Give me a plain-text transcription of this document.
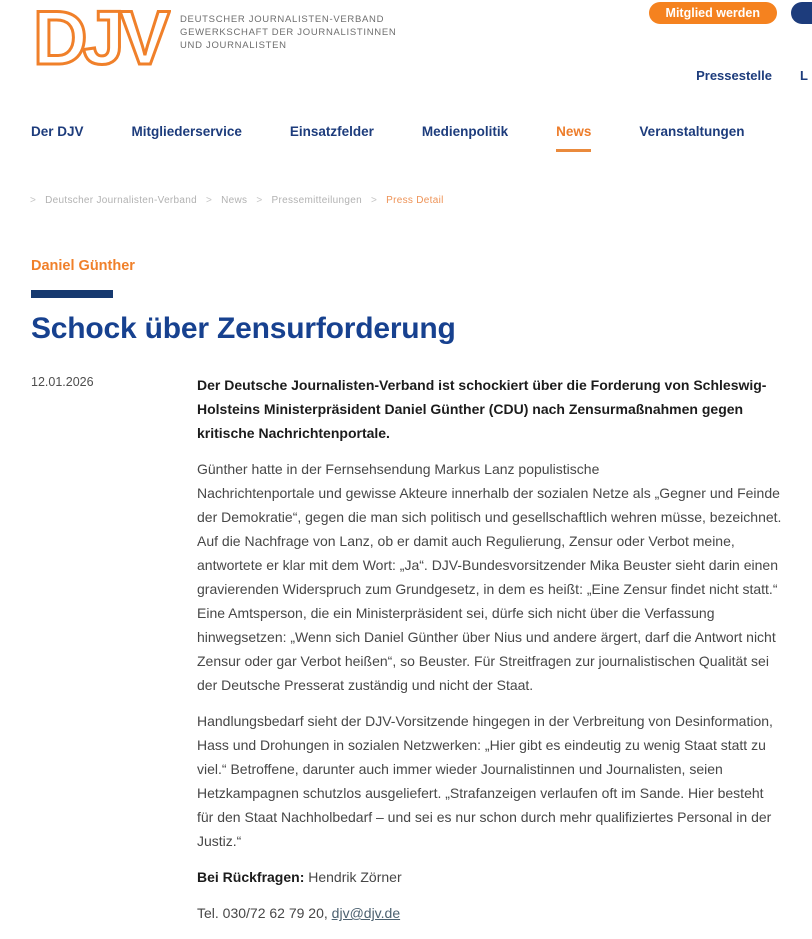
DJV DEUTSCHER JOURNALISTEN-VERBAND
GEWERKSCHAFT DER JOURNALISTINNEN
UND JOURNALISTEN
Mitglied werden
Pressestelle L
Der DJV	Mitgliederservice	Einsatzfelder	Medienpolitik	News	Veranstaltungen
> Deutscher Journalisten-Verband > News > Pressemitteilungen > Press Detail
Daniel Günther
Schock über Zensurforderung
12.01.2026	Der Deutsche Journalisten-Verband ist schockiert über die Forderung von Schleswig-Holsteins Ministerpräsident Daniel Günther (CDU) nach Zensurmaßnahmen gegen kritische Nachrichtenportale.

Günther hatte in der Fernsehsendung Markus Lanz populistische
Nachrichtenportale und gewisse Akteure innerhalb der sozialen Netze als „Gegner und Feinde der Demokratie“, gegen die man sich politisch und gesellschaftlich wehren müsse, bezeichnet. Auf die Nachfrage von Lanz, ob er damit auch Regulierung, Zensur oder Verbot meine, antwortete er klar mit dem Wort: „Ja“. DJV-Bundesvorsitzender Mika Beuster sieht darin einen gravierenden Widerspruch zum Grundgesetz, in dem es heißt: „Eine Zensur findet nicht statt.“ Eine Amtsperson, die ein Ministerpräsident sei, dürfe sich nicht über die Verfassung hinwegsetzen: „Wenn sich Daniel Günther über Nius und andere ärgert, darf die Antwort nicht Zensur oder gar Verbot heißen“, so Beuster. Für Streitfragen zur journalistischen Qualität sei der Deutsche Presserat zuständig und nicht der Staat.

Handlungsbedarf sieht der DJV-Vorsitzende hingegen in der Verbreitung von Desinformation, Hass und Drohungen in sozialen Netzwerken: „Hier gibt es eindeutig zu wenig Staat statt zu viel.“ Betroffene, darunter auch immer wieder Journalistinnen und Journalisten, seien Hetzkampagnen schutzlos ausgeliefert. „Strafanzeigen verlaufen oft im Sande. Hier besteht für den Staat Nachholbedarf – und sei es nur schon durch mehr qualifiziertes Personal in der Justiz.“

Bei Rückfragen: Hendrik Zörner

Tel. 030/72 62 79 20, djv@djv.de
